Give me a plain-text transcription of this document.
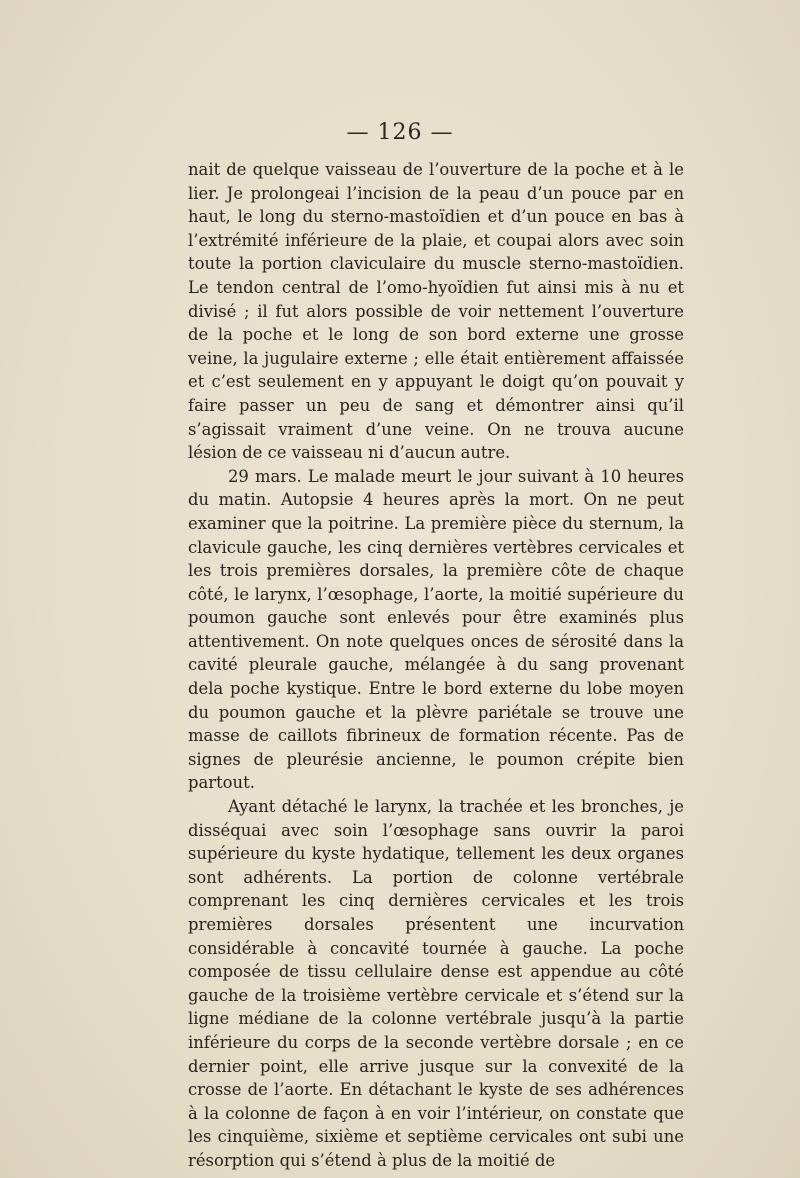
— 126 —

nait de quelque vaisseau de l’ouverture de la poche et à le lier. Je prolongeai l’incision de la peau d’un pouce par en haut, le long du sterno-mastoïdien et d’un pouce en bas à l’extrémité inférieure de la plaie, et coupai alors avec soin toute la portion claviculaire du muscle sterno-mastoïdien. Le tendon central de l’omo-hyoïdien fut ainsi mis à nu et divisé ; il fut alors possible de voir nettement l’ouverture de la poche et le long de son bord externe une grosse veine, la jugulaire externe ; elle était entièrement affaissée et c’est seulement en y appuyant le doigt qu’on pouvait y faire passer un peu de sang et démontrer ainsi qu’il s’agissait vraiment d’une veine. On ne trouva aucune lésion de ce vaisseau ni d’aucun autre.

29 mars. Le malade meurt le jour suivant à 10 heures du matin. Autopsie 4 heures après la mort. On ne peut examiner que la poitrine. La première pièce du sternum, la clavicule gauche, les cinq dernières vertèbres cervicales et les trois premières dorsales, la première côte de chaque côté, le larynx, l’œsophage, l’aorte, la moitié supérieure du poumon gauche sont enlevés pour être examinés plus attentivement. On note quelques onces de sérosité dans la cavité pleurale gauche, mélangée à du sang provenant dela poche kystique. Entre le bord externe du lobe moyen du poumon gauche et la plèvre pariétale se trouve une masse de caillots fibrineux de formation récente. Pas de signes de pleurésie ancienne, le poumon crépite bien partout.

Ayant détaché le larynx, la trachée et les bronches, je disséquai avec soin l’œsophage sans ouvrir la paroi supérieure du kyste hydatique, tellement les deux organes sont adhérents. La portion de colonne vertébrale comprenant les cinq dernières cervicales et les trois premières dorsales présentent une incurvation considérable à concavité tournée à gauche. La poche composée de tissu cellulaire dense est appendue au côté gauche de la troisième vertèbre cervicale et s’étend sur la ligne médiane de la colonne vertébrale jusqu’à la partie inférieure du corps de la seconde vertèbre dorsale ; en ce dernier point, elle arrive jusque sur la convexité de la crosse de l’aorte. En détachant le kyste de ses adhérences à la colonne de façon à en voir l’intérieur, on constate que les cinquième, sixième et septième cervicales ont subi une résorption qui s’étend à plus de la moitié de
